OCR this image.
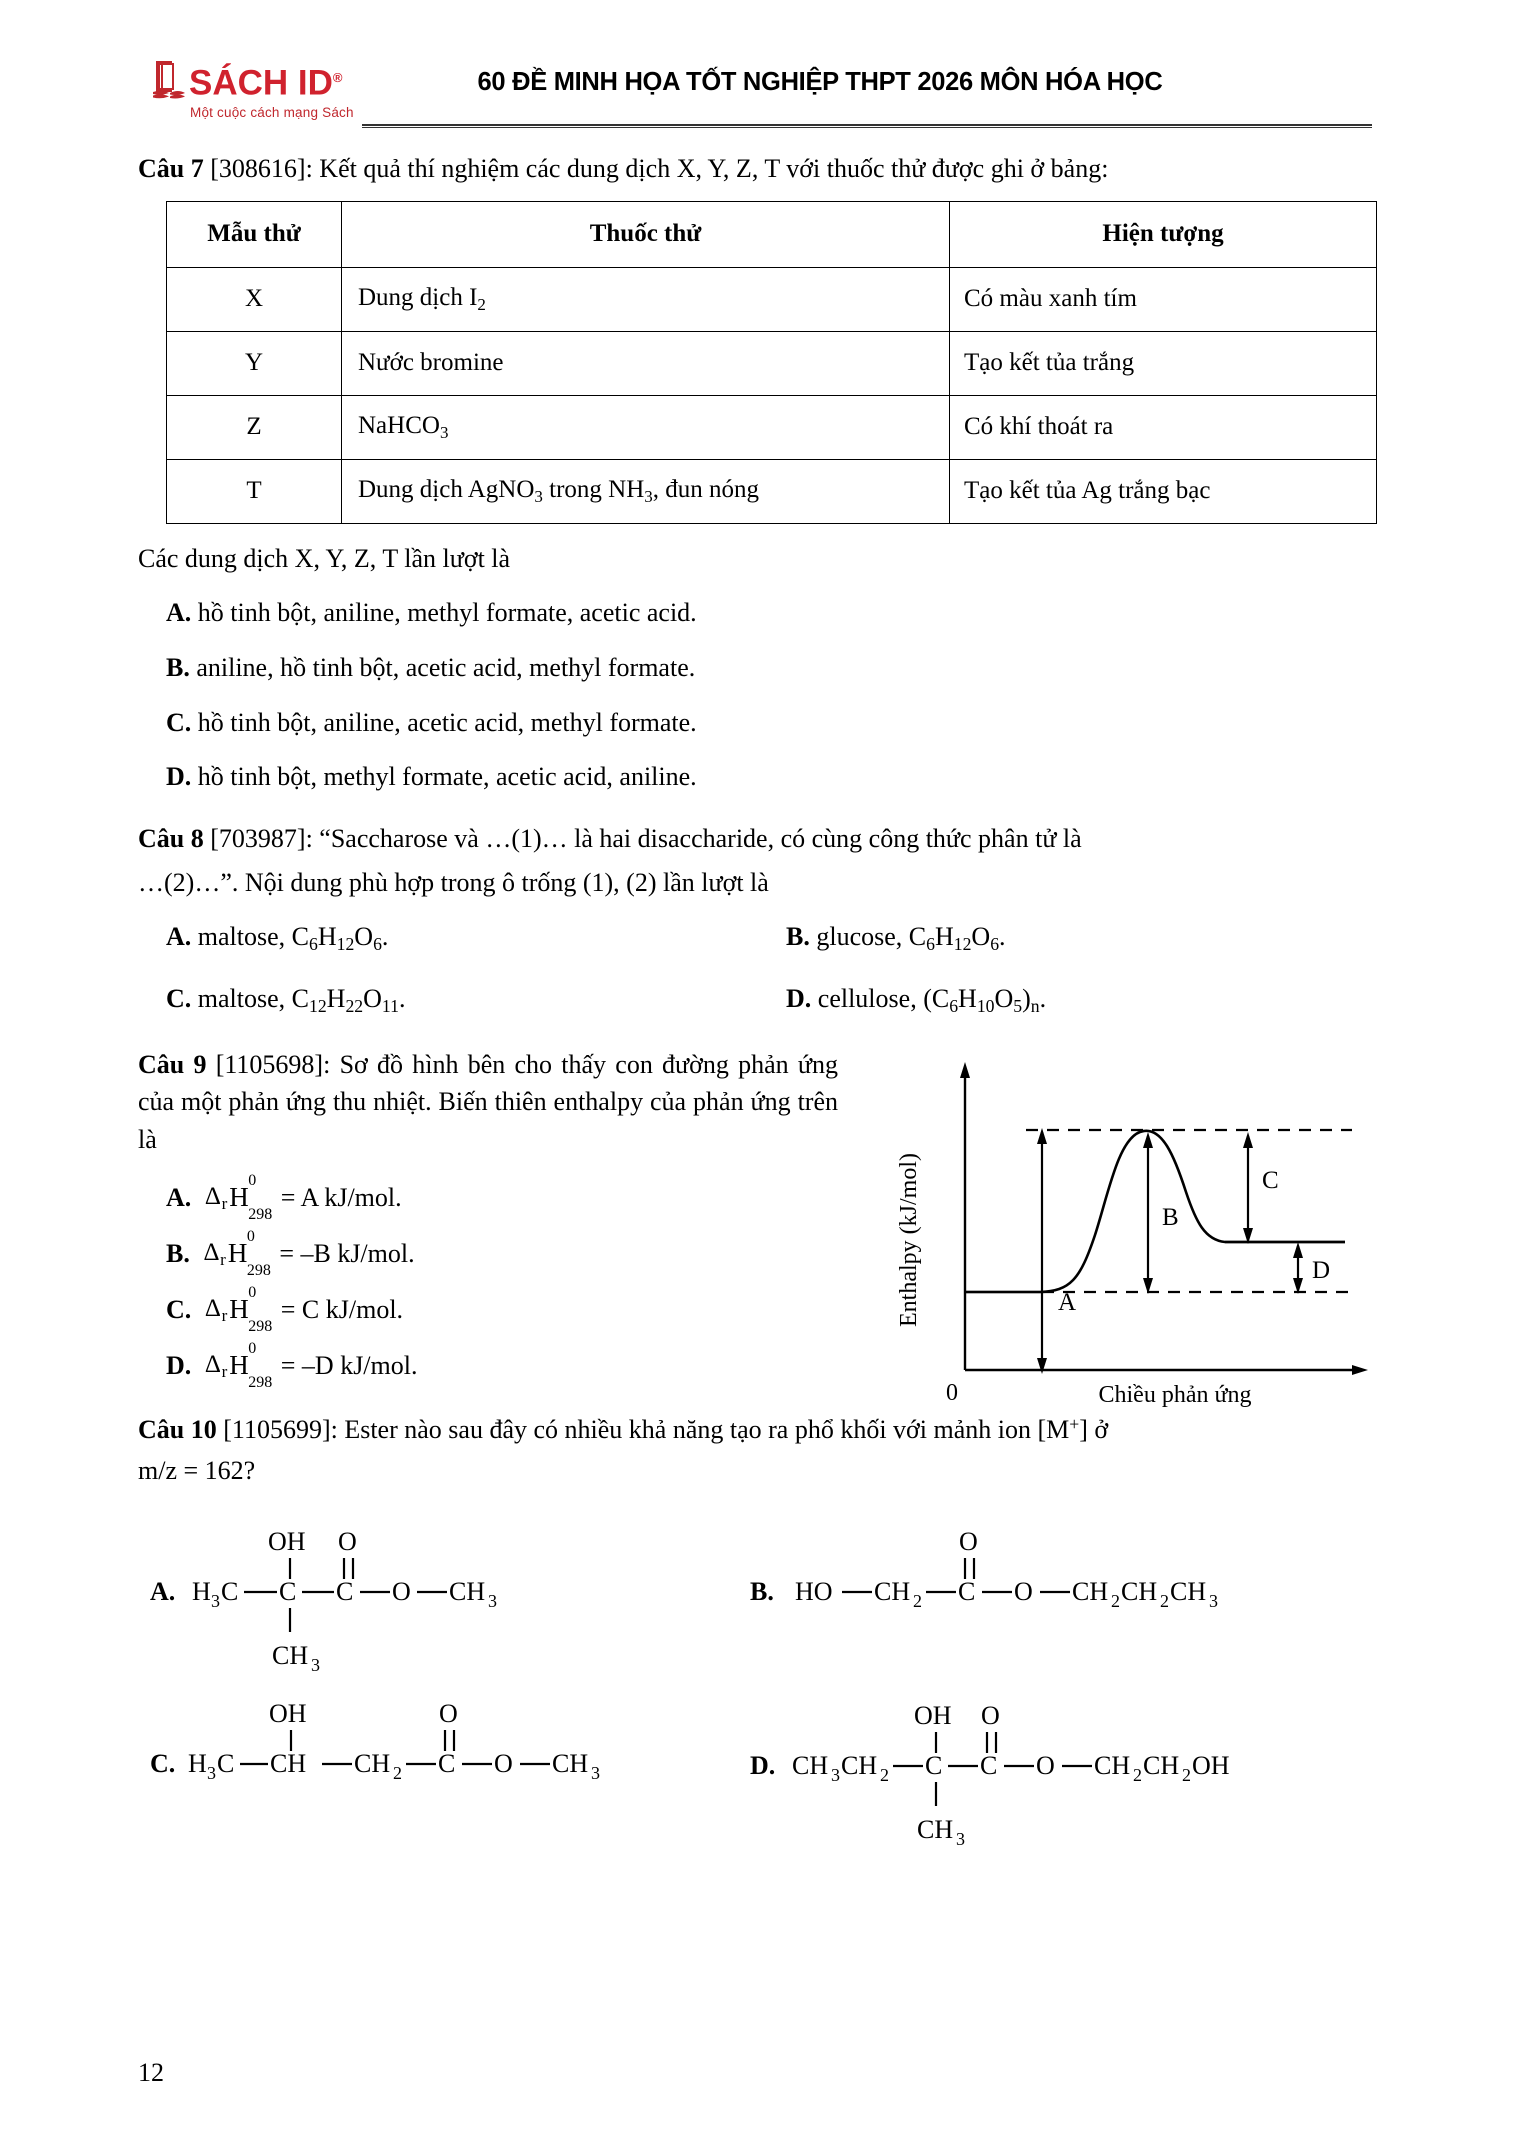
SÁCH ID®
Một cuộc cách mạng Sách
60 ĐỀ MINH HỌA TỐT NGHIỆP THPT 2026 MÔN HÓA HỌC
Câu 7 [308616]: Kết quả thí nghiệm các dung dịch X, Y, Z, T với thuốc thử được ghi ở bảng:
Mẫu thử	Thuốc thử	Hiện tượng
X	Dung dịch $I_2$	Có màu xanh tím
Y	Nước bromine	Tạo kết tủa trắng
Z	NaHCO$_3$	Có khí thoát ra
T	Dung dịch AgNO$_3$ trong $NH_3$, đun nóng	Tạo kết tủa Ag trắng bạc
Các dung dịch X, Y, Z, T lần lượt là
A. hồ tinh bột, aniline, methyl formate, acetic acid.
B. aniline, hồ tinh bột, acetic acid, methyl formate.
C. hồ tinh bột, aniline, acetic acid, methyl formate.
D. hồ tinh bột, methyl formate, acetic acid, aniline.
Câu 8 [703987]: “Saccharose và …(1)… là hai disaccharide, có cùng công thức phân tử là
…(2)…”. Nội dung phù hợp trong ô trống (1), (2) lần lượt là
A. maltose, $C_6H_{12}O_6$.	B. glucose, $C_6H_{12}O_6$.
C. maltose, $C_{12}H_{22}O_{11}$.	D. cellulose, $(C_6H_{10}O_5)_n$.
Câu 9 [1105698]: Sơ đồ hình bên cho thấy con đường phản ứng của một phản ứng thu nhiệt. Biến thiên enthalpy của phản ứng trên là
A. ∆ r H
0
298
= A kJ/mol.
B. ∆ r H
0
298
= –B kJ/mol.
C. ∆ r H
0
298
= C kJ/mol.
D. ∆ r H
0
298
= –D kJ/mol.
Enthalpy (kJ/mol)
0	Chiều phản ứng
A
B
C
D
Câu 10 [1105699]: Ester nào sau đây có nhiều khả năng tạo ra phổ khối với mảnh ion [M+] ở
m/z = 162?
A. H 3 C C
OH
CH 3
C
O
O CH 3	B. HO CH 2 C
O
O CH 2 CH 2 CH 3
C. H 3 C CH
OH
CH 2 C
O
O CH 3	D. CH 3 CH 2 C
OH
CH 3
C
O
O CH 2 CH 2 OH
12
